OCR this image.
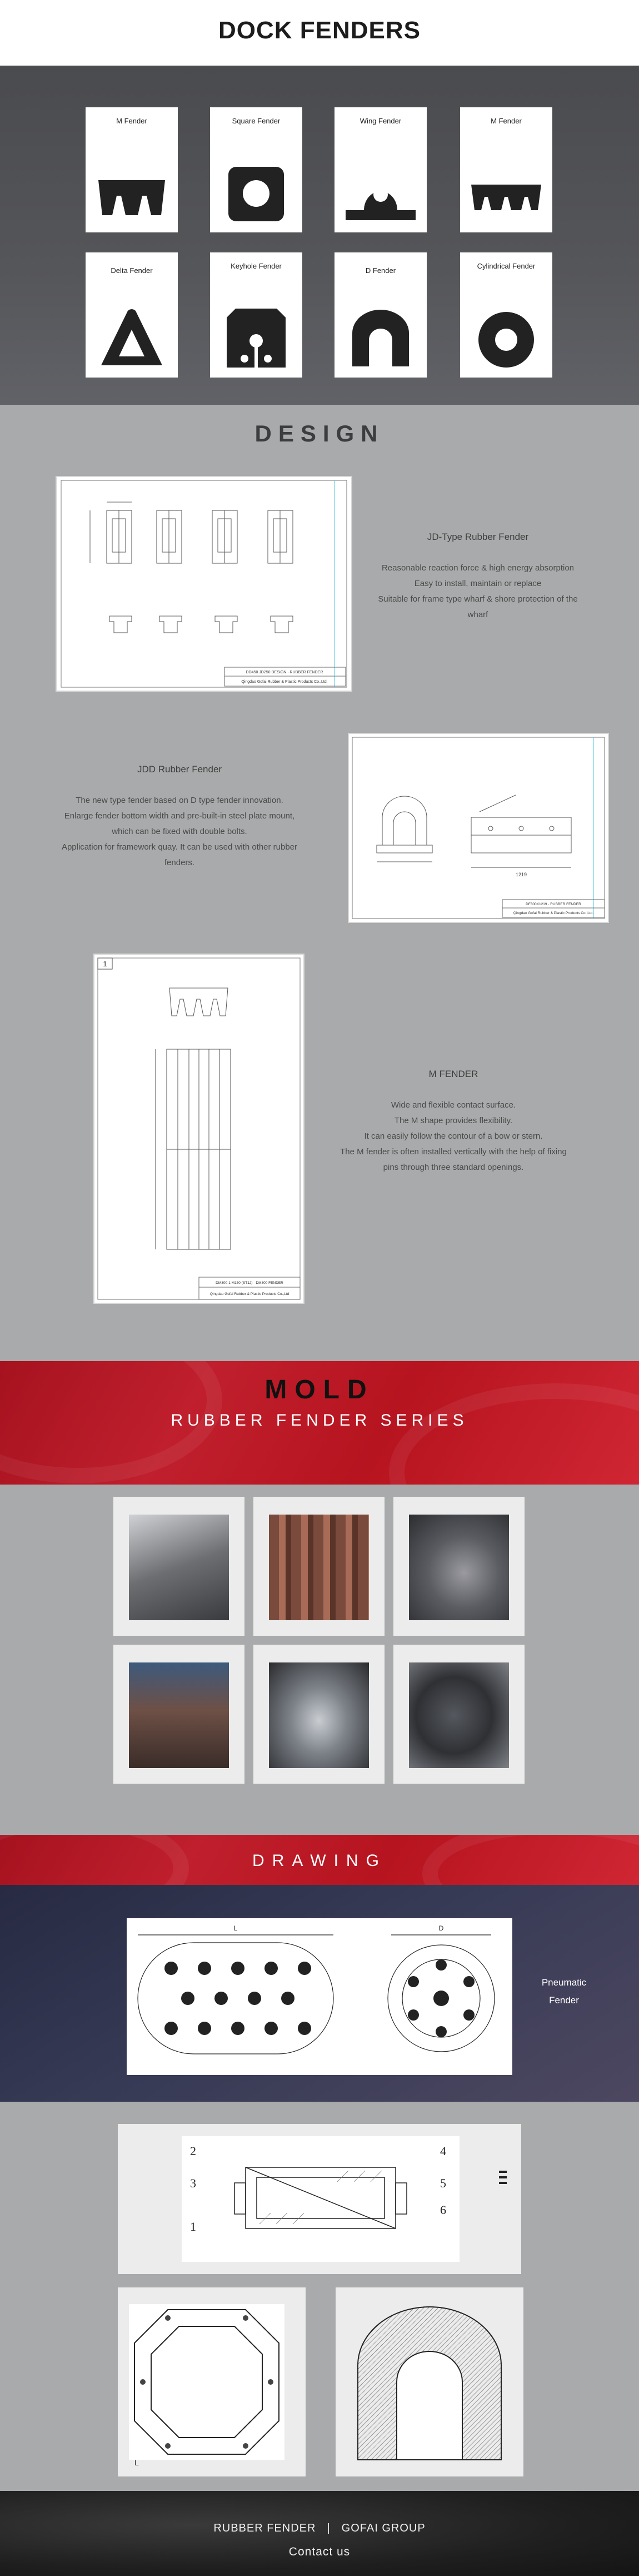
DOCK FENDERS
M Fender	Square Fender	Wing Fender	M Fender
Delta Fender
Keyhole Fender
D Fender
Cylindrical Fender
DESIGN
DD450 JD250 DESIGN · RUBBER FENDER
Qingdao Gofai Rubber & Plastic Products Co.,Ltd.
JD-Type Rubber Fender
Reasonable reaction force & high energy absorption
Easy to install, maintain or replace
Suitable for frame type wharf & shore protection of the wharf
JDD Rubber Fender
The new type fender based on D type fender innovation.
Enlarge fender bottom width and pre-built-in steel plate mount,
which can be fixed with double bolts.
Application for framework quay. It can be used with other rubber
fenders.
1219
DF300X1219 · RUBBER FENDER
Qingdao Gofai Rubber & Plastic Products Co.,Ltd.
1
DM300-1 M150 (ST12) · DM300 FENDER
Qingdao Gofai Rubber & Plastic Products Co.,Ltd
M FENDER
Wide and flexible contact surface.
The M shape provides flexibility.
It can easily follow the contour of a bow or stern.
The M fender is often installed vertically with the help of fixing
pins through three standard openings.
MOLD
RUBBER FENDER SERIES
DRAWING
L	D
Pneumatic
Fender
2
3
1
4
5
6
L
RUBBER FENDER | GOFAI GROUP
Contact us
